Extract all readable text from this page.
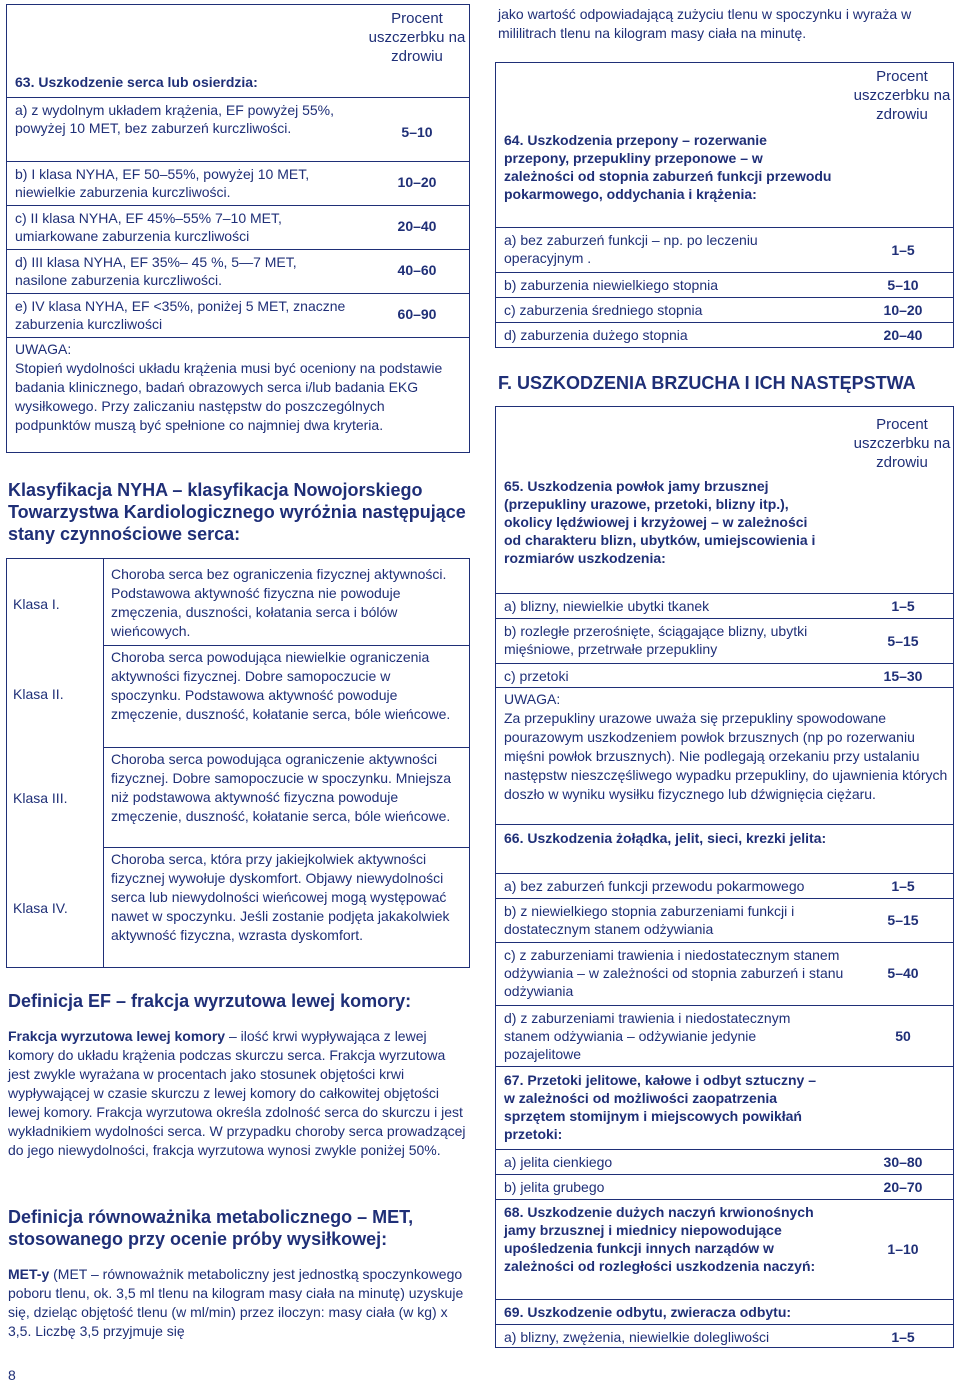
Procent uszczerbku na zdrowiu
63. Uszkodzenie serca lub osierdzia:
a) z wydolnym układem krążenia, EF powyżej 55%, powyżej 10 MET, bez zaburzeń kurczliwości.	5–10
b) I klasa NYHA, EF 50–55%, powyżej 10 MET, niewielkie zaburzenia kurczliwości.
10–20
c) II klasa NYHA, EF 45%–55% 7–10 MET, umiarkowane zaburzenia kurczliwości
20–40
d) III klasa NYHA, EF 35%– 45 %, 5—7 MET, nasilone zaburzenia kurczliwości.
40–60
e) IV klasa NYHA, EF <35%, poniżej 5 MET, znaczne zaburzenia kurczliwości
60–90
UWAGA:
Stopień wydolności układu krążenia musi być oceniony na podstawie badania klinicznego, badań obrazowych serca i/lub badania EKG wysiłkowego. Przy zaliczaniu następstw do poszczególnych podpunktów muszą być spełnione co najmniej dwa kryteria.
Klasyfikacja NYHA – klasyfikacja Nowojorskiego Towarzystwa Kardiologicznego wyróżnia następujące stany czynnościowe serca:
Klasa I.
Choroba serca bez ograniczenia fizycznej aktywności. Podstawowa aktywność fizyczna nie powoduje zmęczenia, duszności, kołatania serca i bólów wieńcowych.
Klasa II.
Choroba serca powodująca niewielkie ograniczenia aktywności fizycznej. Dobre samopoczucie w spoczynku. Podstawowa aktywność powoduje zmęczenie, duszność, kołatanie serca, bóle wieńcowe.
Klasa III.
Choroba serca powodująca ograniczenie aktywności fizycznej. Dobre samopoczucie w spoczynku. Mniejsza niż podstawowa aktywność fizyczna powoduje zmęczenie, duszność, kołatanie serca, bóle wieńcowe.
Klasa IV.
Choroba serca, która przy jakiejkolwiek aktywności fizycznej wywołuje dyskomfort. Objawy niewydolności serca lub niewydolności wieńcowej mogą występować nawet w spoczynku. Jeśli zostanie podjęta jakakolwiek aktywność fizyczna, wzrasta dyskomfort.
Definicja EF – frakcja wyrzutowa lewej komory:
Frakcja wyrzutowa lewej komory – ilość krwi wypływająca z lewej komory do układu krążenia podczas skurczu serca. Frakcja wyrzutowa jest zwykle wyrażana w procentach jako stosunek objętości krwi wypływającej w czasie skurczu z lewej komory do całkowitej objętości lewej komory. Frakcja wyrzutowa określa zdolność serca do skurczu i jest wykładnikiem wydolności serca. W przypadku choroby serca prowadzącej do jego niewydolności, frakcja wyrzutowa wynosi zwykle poniżej 50%.
Definicja równoważnika metabolicznego – MET, stosowanego przy ocenie próby wysiłkowej:
MET-y (MET – równoważnik metaboliczny jest jednostką spoczynkowego poboru tlenu, ok. 3,5 ml tlenu na kilogram masy ciała na minutę) uzyskuje się, dzieląc objętość tlenu (w ml/min) przez iloczyn: masy ciała (w kg) x 3,5. Liczbę 3,5 przyjmuje się
8
jako wartość odpowiadającą zużyciu tlenu w spoczynku i wyraża w mililitrach tlenu na kilogram masy ciała na minutę.
Procent uszczerbku na zdrowiu
64. Uszkodzenia przepony – rozerwanie przepony, przepukliny przeponowe – w zależności od stopnia zaburzeń funkcji przewodu pokarmowego, oddychania i krążenia:
a) bez zaburzeń funkcji – np. po leczeniu operacyjnym .	1–5
b) zaburzenia niewielkiego stopnia	5–10
c) zaburzenia średniego stopnia	10–20
d) zaburzenia dużego stopnia	20–40
F. USZKODZENIA BRZUCHA I ICH NASTĘPSTWA
Procent uszczerbku na zdrowiu
65. Uszkodzenia powłok jamy brzusznej (przepukliny urazowe, przetoki, blizny itp.), okolicy lędźwiowej i krzyżowej – w zależności od charakteru blizn, ubytków, umiejscowienia i rozmiarów uszkodzenia:
a) blizny, niewielkie ubytki tkanek	1–5
b) rozległe przerośnięte, ściągające blizny, ubytki mięśniowe, przetrwałe przepukliny	5–15
c) przetoki	15–30
UWAGA:
Za przepukliny urazowe uważa się przepukliny spowodowane pourazowym uszkodzeniem powłok brzusznych (np po rozerwaniu mięśni powłok brzusznych). Nie podlegają orzekaniu przy ustalaniu następstw nieszczęśliwego wypadku przepukliny, do ujawnienia których doszło w wyniku wysiłku fizycznego lub dźwignięcia ciężaru.
66. Uszkodzenia żołądka, jelit, sieci, krezki jelita:
a) bez zaburzeń funkcji przewodu pokarmowego	1–5
b) z niewielkiego stopnia zaburzeniami funkcji i dostatecznym stanem odżywiania
5–15
c) z zaburzeniami trawienia i niedostatecznym stanem odżywiania – w zależności od stopnia zaburzeń i stanu odżywiania
5–40
d) z zaburzeniami trawienia i niedostatecznym stanem odżywiania – odżywianie jedynie pozajelitowe
50
67. Przetoki jelitowe, kałowe i odbyt sztuczny – w zależności od możliwości zaopatrzenia sprzętem stomijnym i miejscowych powikłań przetoki:
a) jelita cienkiego	30–80
b) jelita grubego	20–70
68. Uszkodzenie dużych naczyń krwionośnych jamy brzusznej i miednicy niepowodujące upośledzenia funkcji innych narządów w zależności od rozległości uszkodzenia naczyń:
1–10
69. Uszkodzenie odbytu, zwieracza odbytu:
a) blizny, zwężenia, niewielkie dolegliwości	1–5
